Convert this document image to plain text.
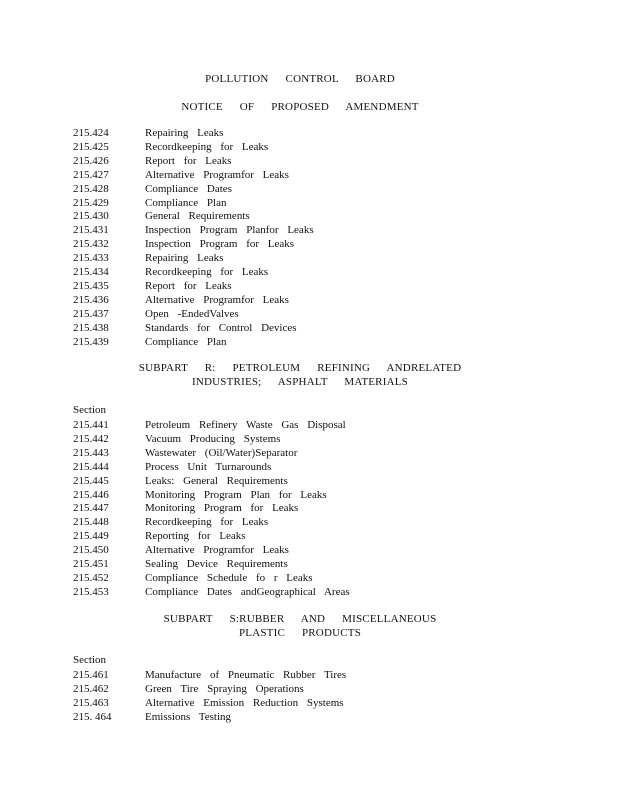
POLLUTION CONTROL BOARD
NOTICE OF PROPOSED AMENDMENT
215.424	Repairing Leaks
215.425	Recordkeeping for Leaks
215.426	Report for Leaks
215.427	Alternative Programfor Leaks
215.428	Compliance Dates
215.429	Compliance Plan
215.430	General Requirements
215.431	Inspection Program Planfor Leaks
215.432	Inspection Program for Leaks
215.433	Repairing Leaks
215.434	Recordkeeping for Leaks
215.435	Report for Leaks
215.436	Alternative Programfor Leaks
215.437	Open -EndedValves
215.438	Standards for Control Devices
215.439	Compliance Plan
SUBPART R: PETROLEUM REFINING ANDRELATED
INDUSTRIES; ASPHALT MATERIALS
Section
215.441	Petroleum Refinery Waste Gas Disposal
215.442	Vacuum Producing Systems
215.443	Wastewater (Oil/Water)Separator
215.444	Process Unit Turnarounds
215.445	Leaks: General Requirements
215.446	Monitoring Program Plan for Leaks
215.447	Monitoring Program for Leaks
215.448	Recordkeeping for Leaks
215.449	Reporting for Leaks
215.450	Alternative Programfor Leaks
215.451	Sealing Device Requirements
215.452	Compliance Schedule fo r Leaks
215.453	Compliance Dates andGeographical Areas
SUBPART S:RUBBER AND MISCELLANEOUS
PLASTIC PRODUCTS
Section
215.461	Manufacture of Pneumatic Rubber Tires
215.462	Green Tire Spraying Operations
215.463	Alternative Emission Reduction Systems
215. 464	Emissions Testing
